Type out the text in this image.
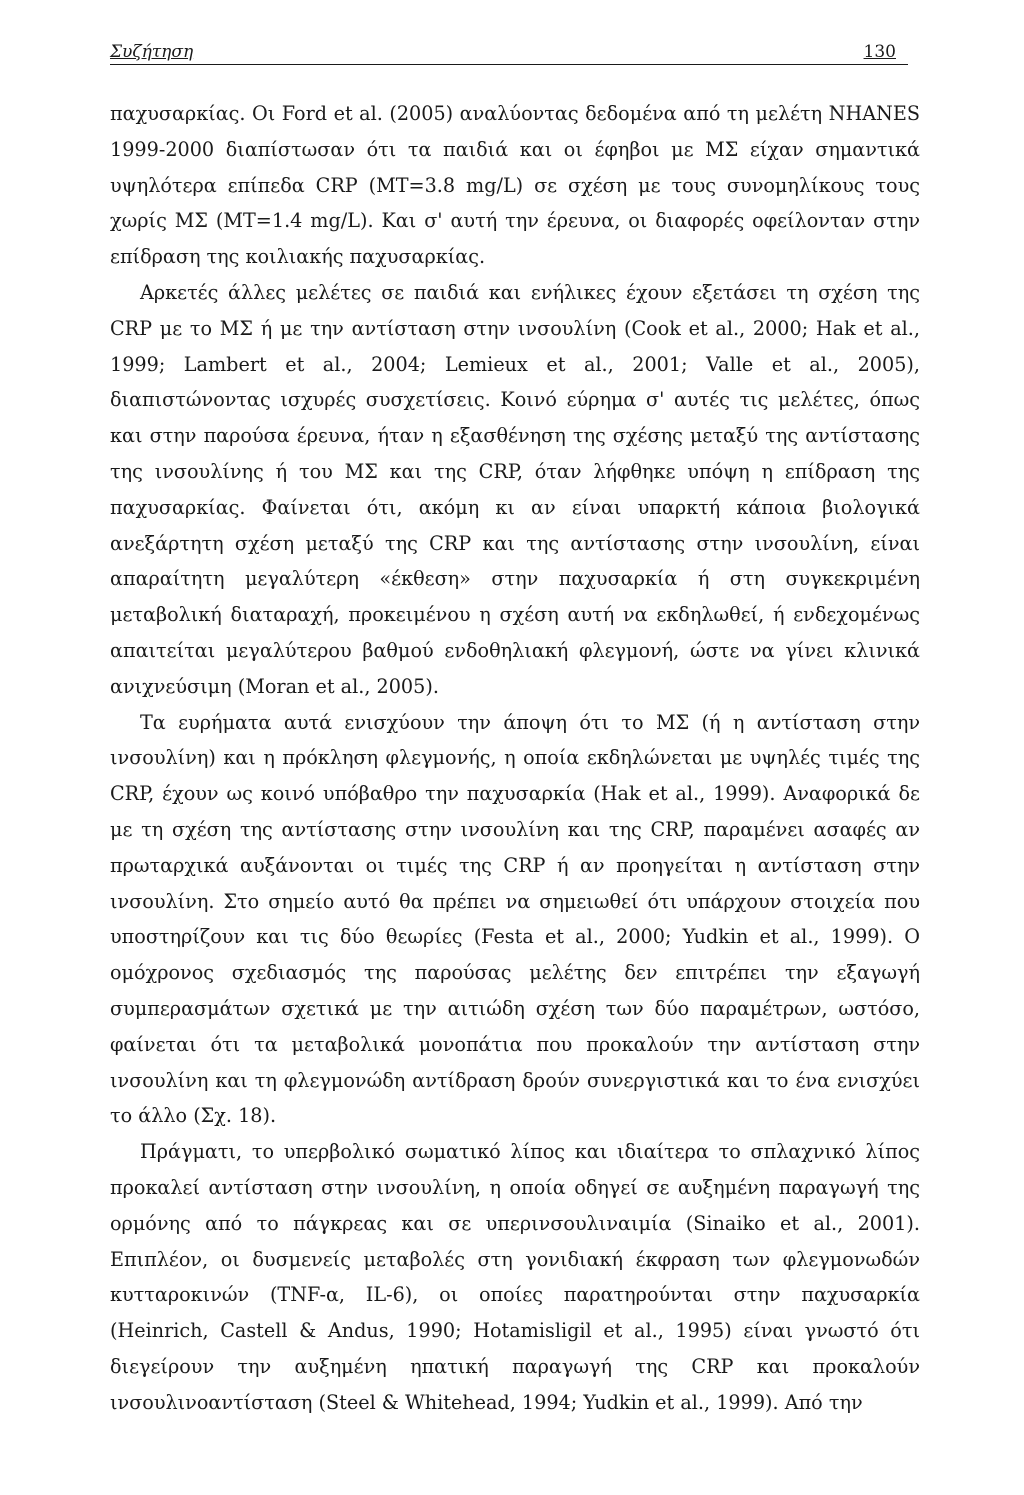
Συζήτηση	130

παχυσαρκίας. Οι Ford et al. (2005) αναλύοντας δεδομένα από τη μελέτη NHANES 1999-2000 διαπίστωσαν ότι τα παιδιά και οι έφηβοι με ΜΣ είχαν σημαντικά υψηλότερα επίπεδα CRP (ΜΤ=3.8 mg/L) σε σχέση με τους συνομηλίκους τους χωρίς ΜΣ (ΜΤ=1.4 mg/L). Και σ' αυτή την έρευνα, οι διαφορές οφείλονταν στην επίδραση της κοιλιακής παχυσαρκίας.

Αρκετές άλλες μελέτες σε παιδιά και ενήλικες έχουν εξετάσει τη σχέση της CRP με το ΜΣ ή με την αντίσταση στην ινσουλίνη (Cook et al., 2000; Hak et al., 1999; Lambert et al., 2004; Lemieux et al., 2001; Valle et al., 2005), διαπιστώνοντας ισχυρές συσχετίσεις. Κοινό εύρημα σ' αυτές τις μελέτες, όπως και στην παρούσα έρευνα, ήταν η εξασθένηση της σχέσης μεταξύ της αντίστασης της ινσουλίνης ή του ΜΣ και της CRP, όταν λήφθηκε υπόψη η επίδραση της παχυσαρκίας. Φαίνεται ότι, ακόμη κι αν είναι υπαρκτή κάποια βιολογικά ανεξάρτητη σχέση μεταξύ της CRP και της αντίστασης στην ινσουλίνη, είναι απαραίτητη μεγαλύτερη «έκθεση» στην παχυσαρκία ή στη συγκεκριμένη μεταβολική διαταραχή, προκειμένου η σχέση αυτή να εκδηλωθεί, ή ενδεχομένως απαιτείται μεγαλύτερου βαθμού ενδοθηλιακή φλεγμονή, ώστε να γίνει κλινικά ανιχνεύσιμη (Moran et al., 2005).

Τα ευρήματα αυτά ενισχύουν την άποψη ότι το ΜΣ (ή η αντίσταση στην ινσουλίνη) και η πρόκληση φλεγμονής, η οποία εκδηλώνεται με υψηλές τιμές της CRP, έχουν ως κοινό υπόβαθρο την παχυσαρκία (Hak et al., 1999). Αναφορικά δε με τη σχέση της αντίστασης στην ινσουλίνη και της CRP, παραμένει ασαφές αν πρωταρχικά αυξάνονται οι τιμές της CRP ή αν προηγείται η αντίσταση στην ινσουλίνη. Στο σημείο αυτό θα πρέπει να σημειωθεί ότι υπάρχουν στοιχεία που υποστηρίζουν και τις δύο θεωρίες (Festa et al., 2000; Yudkin et al., 1999). Ο ομόχρονος σχεδιασμός της παρούσας μελέτης δεν επιτρέπει την εξαγωγή συμπερασμάτων σχετικά με την αιτιώδη σχέση των δύο παραμέτρων, ωστόσο, φαίνεται ότι τα μεταβολικά μονοπάτια που προκαλούν την αντίσταση στην ινσουλίνη και τη φλεγμονώδη αντίδραση δρούν συνεργιστικά και το ένα ενισχύει το άλλο (Σχ. 18).

Πράγματι, το υπερβολικό σωματικό λίπος και ιδιαίτερα το σπλαχνικό λίπος προκαλεί αντίσταση στην ινσουλίνη, η οποία οδηγεί σε αυξημένη παραγωγή της ορμόνης από το πάγκρεας και σε υπερινσουλιναιμία (Sinaiko et al., 2001). Επιπλέον, οι δυσμενείς μεταβολές στη γονιδιακή έκφραση των φλεγμονωδών κυτταροκινών (TNF-α, IL-6), οι οποίες παρατηρούνται στην παχυσαρκία (Heinrich, Castell & Andus, 1990; Hotamisligil et al., 1995) είναι γνωστό ότι διεγείρουν την αυξημένη ηπατική παραγωγή της CRP και προκαλούν ινσουλινοαντίσταση (Steel & Whitehead, 1994; Yudkin et al., 1999). Από την
